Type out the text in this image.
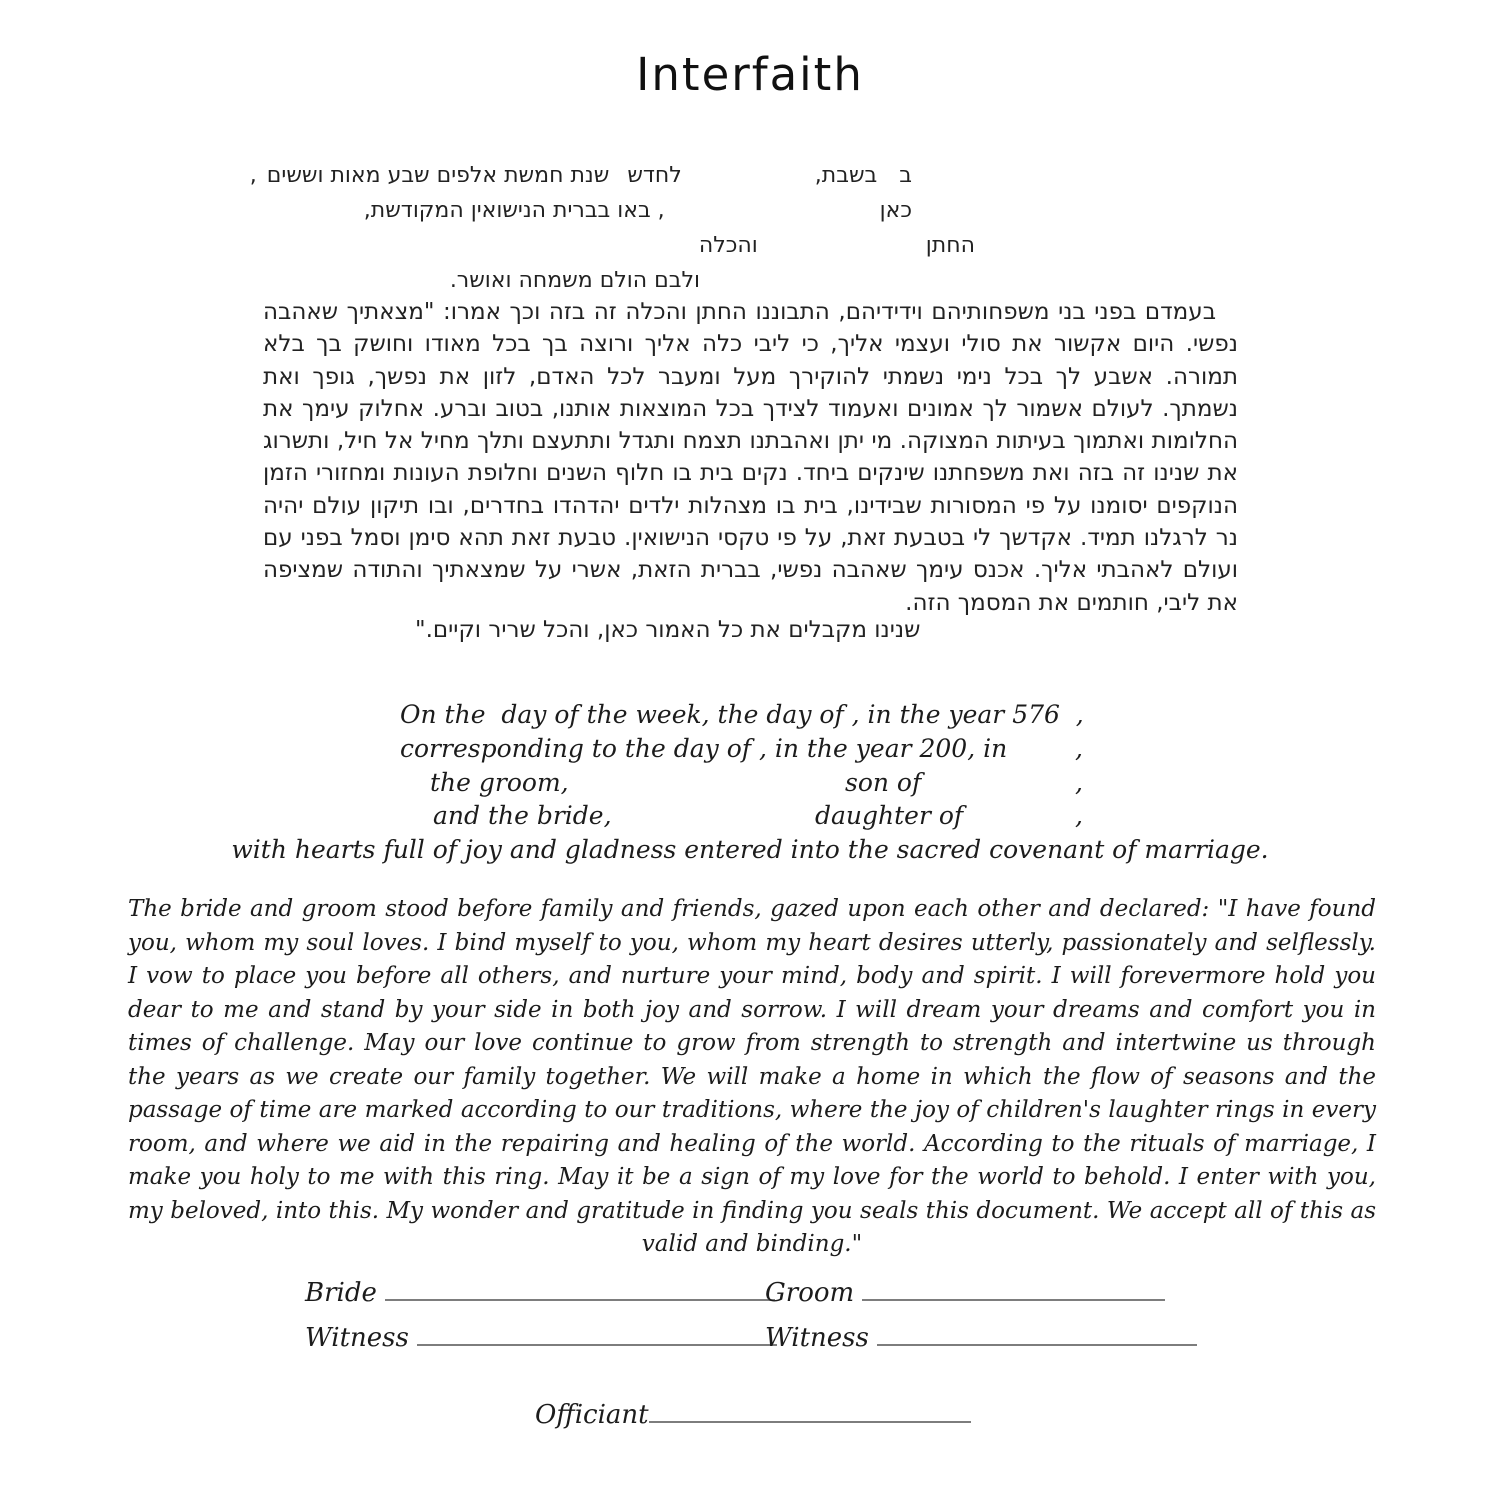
Interfaith
בבשבת,לחדששנת חמשת אלפים שבע מאות וששים,
כאן, באו בברית הנישואין המקודשת,
החתןוהכלה
ולבם הולם משמחה ואושר.
בעמדם בפני בני משפחותיהם וידידיהם, התבוננו החתן והכלה זה בזה וכך אמרו: "מצאתיך שאהבה נפשי. היום אקשור את סולי ועצמי אליך, כי ליבי כלה אליך ורוצה בך בכל מאודו וחושק בך בלא תמורה. אשבע לך בכל נימי נשמתי להוקירך מעל ומעבר לכל האדם, לזון את נפשך, גופך ואת נשמתך. לעולם אשמור לך אמונים ואעמוד לצידך בכל המוצאות אותנו, בטוב וברע. אחלוק עימך את החלומות ואתמוך בעיתות המצוקה. מי יתן ואהבתנו תצמח ותגדל ותתעצם ותלך מחיל אל חיל, ותשרוג את שנינו זה בזה ואת משפחתנו שינקים ביחד. נקים בית בו חלוף השנים וחלופת העונות ומחזורי הזמן הנוקפים יסומנו על פי המסורות שבידינו, בית בו מצהלות ילדים יהדהדו בחדרים, ובו תיקון עולם יהיה נר לרגלנו תמיד. אקדשך לי בטבעת זאת, על פי טקסי הנישואין. טבעת זאת תהא סימן וסמל בפני עם ועולם לאהבתי אליך. אכנס עימך שאהבה נפשי, בברית הזאת, אשרי על שמצאתיך והתודה שמציפה את ליבי, חותמים את המסמך הזה.
שנינו מקבלים את כל האמור כאן, והכל שריר וקיים."
On the  day of the week, the day of , in the year 576  ,
corresponding to the day of , in the year 200, in	,
the groom,	son of	,
and the bride,	daughter of	,
with hearts full of joy and gladness entered into the sacred covenant of marriage.
The bride and groom stood before family and friends, gazed upon each other and declared: "I have found you, whom my soul loves. I bind myself to you, whom my heart desires utterly, passionately and selflessly. I vow to place you before all others, and nurture your mind, body and spirit. I will forevermore hold you dear to me and stand by your side in both joy and sorrow. I will dream your dreams and comfort you in times of challenge. May our love continue to grow from strength to strength and intertwine us through the years as we create our family together. We will make a home in which the flow of seasons and the passage of time are marked according to our traditions, where the joy of children's laughter rings in every room, and where we aid in the repairing and healing of the world. According to the rituals of marriage, I make you holy to me with this ring. May it be a sign of my love for the world to behold. I enter with you, my beloved, into this. My wonder and gratitude in finding you seals this document. We accept all of this as valid and binding."
Bride	Groom
Witness	Witness
Officiant
